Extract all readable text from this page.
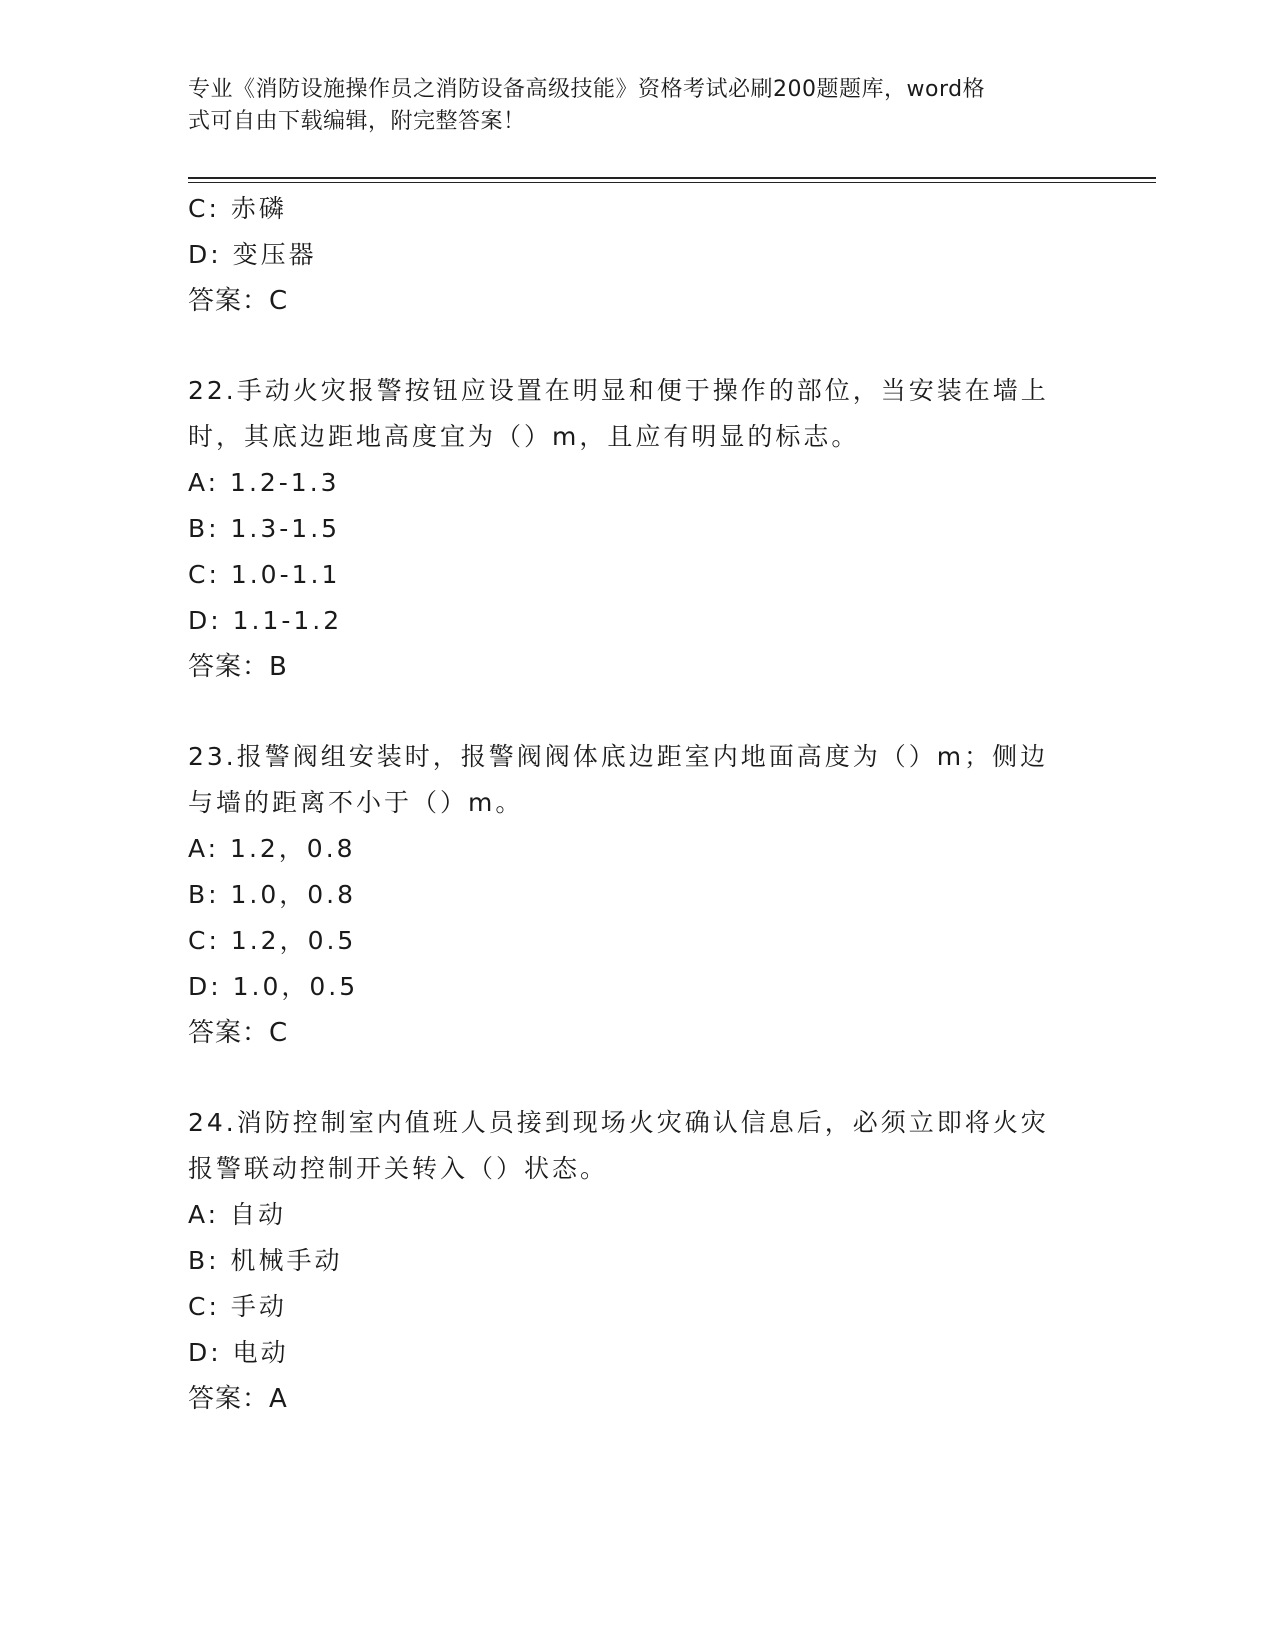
专业《消防设施操作员之消防设备高级技能》资格考试必刷200题题库，word格
式可自由下载编辑，附完整答案！
C: 赤磷
D: 变压器
答案：C
22.手动火灾报警按钮应设置在明显和便于操作的部位，当安装在墙上
时，其底边距地高度宜为（）m，且应有明显的标志。
A: 1.2-1.3
B: 1.3-1.5
C: 1.0-1.1
D: 1.1-1.2
答案：B
23.报警阀组安装时，报警阀阀体底边距室内地面高度为（）m；侧边
与墙的距离不小于（）m。
A: 1.2，0.8
B: 1.0，0.8
C: 1.2，0.5
D: 1.0，0.5
答案：C
24.消防控制室内值班人员接到现场火灾确认信息后，必须立即将火灾
报警联动控制开关转入（）状态。
A: 自动
B: 机械手动
C: 手动
D: 电动
答案：A
